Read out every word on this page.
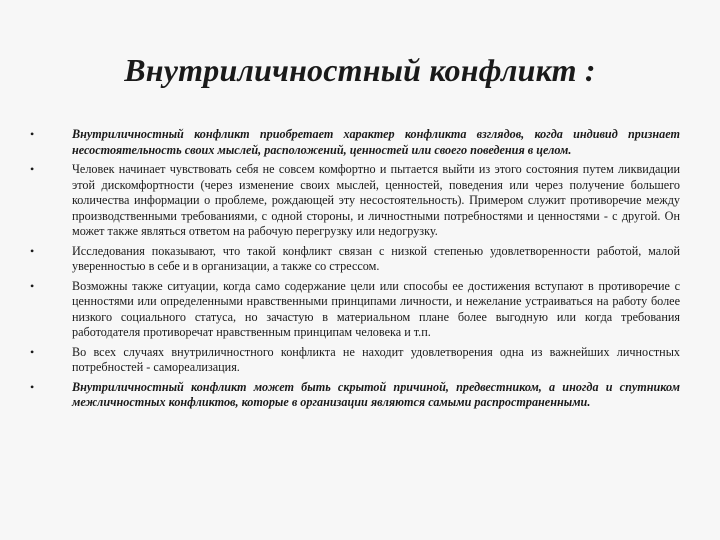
Внутриличностный конфликт :
•	Внутриличностный конфликт приобретает характер конфликта взглядов, когда индивид признает несостоятельность своих мыслей, расположений, ценностей или своего поведения в целом.
•	Человек начинает чувствовать себя не совсем комфортно и пытается выйти из этого состояния путем ликвидации этой дискомфортности (через изменение своих мыслей, ценностей, поведения или через получение большего количества информации о проблеме, рождающей эту несостоятельность). Примером служит противоречие между производственными требованиями, с одной стороны, и личностными потребностями и ценностями - с другой. Он может также являться ответом на рабочую перегрузку или недогрузку.
•	Исследования показывают, что такой конфликт связан с низкой степенью удовлетворенности работой, малой уверенностью в себе и в организации, а также со стрессом.
•	Возможны также ситуации, когда само содержание цели или способы ее достижения вступают в противоречие с ценностями или определенными нравственными принципами личности, и нежелание устраиваться на работу более низкого социального статуса, но зачастую в материальном плане более выгодную или когда требования работодателя противоречат нравственным принципам человека и т.п.
•	Во всех случаях внутриличностного конфликта не находит удовлетворения одна из важнейших личностных потребностей - самореализация.
•	Внутриличностный конфликт может быть скрытой причиной, предвестником, а иногда и спутником межличностных конфликтов, которые в организации являются самыми распространенными.
